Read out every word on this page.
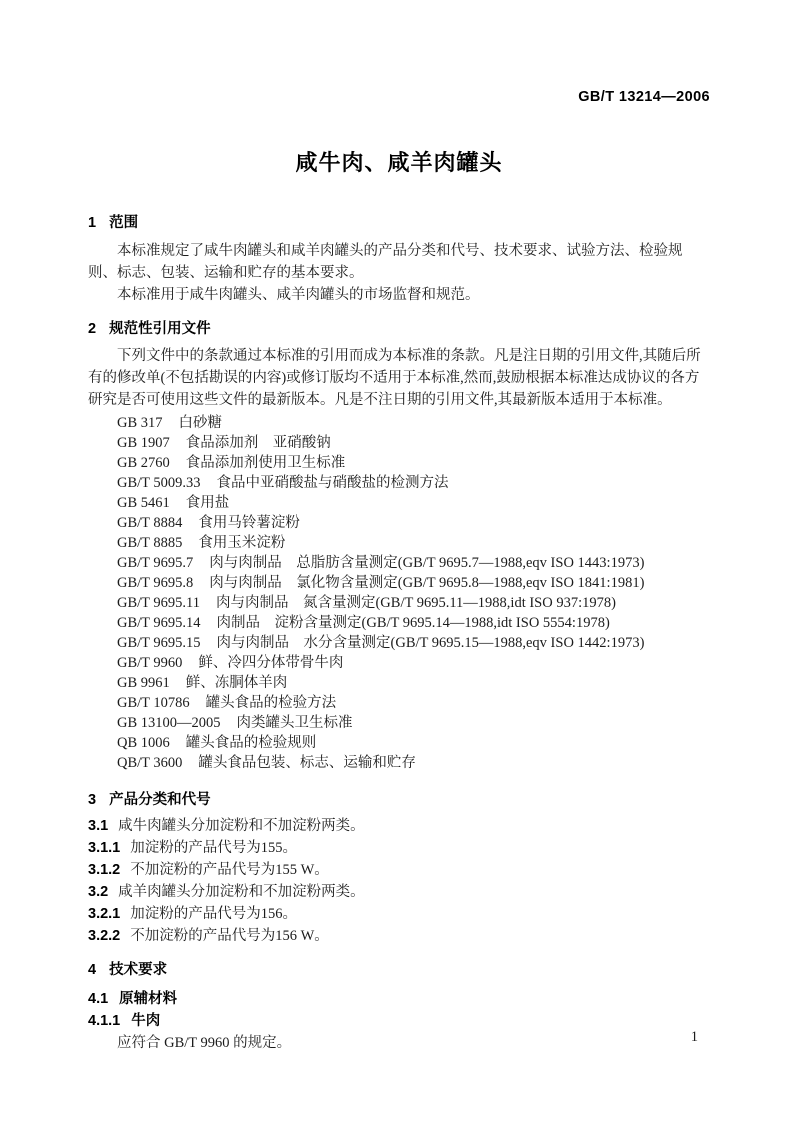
GB/T 13214—2006
咸牛肉、咸羊肉罐头
1 范围

本标准规定了咸牛肉罐头和咸羊肉罐头的产品分类和代号、技术要求、试验方法、检验规则、标志、包装、运输和贮存的基本要求。

本标准用于咸牛肉罐头、咸羊肉罐头的市场监督和规范。

2 规范性引用文件

下列文件中的条款通过本标准的引用而成为本标准的条款。凡是注日期的引用文件,其随后所有的修改单(不包括勘误的内容)或修订版均不适用于本标准,然而,鼓励根据本标准达成协议的各方研究是否可使用这些文件的最新版本。凡是不注日期的引用文件,其最新版本适用于本标准。

GB 317 白砂糖
GB 1907 食品添加剂　亚硝酸钠
GB 2760 食品添加剂使用卫生标准
GB/T 5009.33 食品中亚硝酸盐与硝酸盐的检测方法
GB 5461 食用盐
GB/T 8884 食用马铃薯淀粉
GB/T 8885 食用玉米淀粉
GB/T 9695.7 肉与肉制品　总脂肪含量测定(GB/T 9695.7—1988,eqv ISO 1443:1973)
GB/T 9695.8 肉与肉制品　氯化物含量测定(GB/T 9695.8—1988,eqv ISO 1841:1981)
GB/T 9695.11 肉与肉制品　氮含量测定(GB/T 9695.11—1988,idt ISO 937:1978)
GB/T 9695.14 肉制品　淀粉含量测定(GB/T 9695.14—1988,idt ISO 5554:1978)
GB/T 9695.15 肉与肉制品　水分含量测定(GB/T 9695.15—1988,eqv ISO 1442:1973)
GB/T 9960 鲜、冷四分体带骨牛肉
GB 9961 鲜、冻胴体羊肉
GB/T 10786 罐头食品的检验方法
GB 13100—2005 肉类罐头卫生标准
QB 1006 罐头食品的检验规则
QB/T 3600 罐头食品包装、标志、运输和贮存
3 产品分类和代号
3.1 咸牛肉罐头分加淀粉和不加淀粉两类。
3.1.1 加淀粉的产品代号为155。
3.1.2 不加淀粉的产品代号为155 W。
3.2 咸羊肉罐头分加淀粉和不加淀粉两类。
3.2.1 加淀粉的产品代号为156。
3.2.2 不加淀粉的产品代号为156 W。
4 技术要求
4.1 原辅材料
4.1.1 牛肉

应符合 GB/T 9960 的规定。	1
